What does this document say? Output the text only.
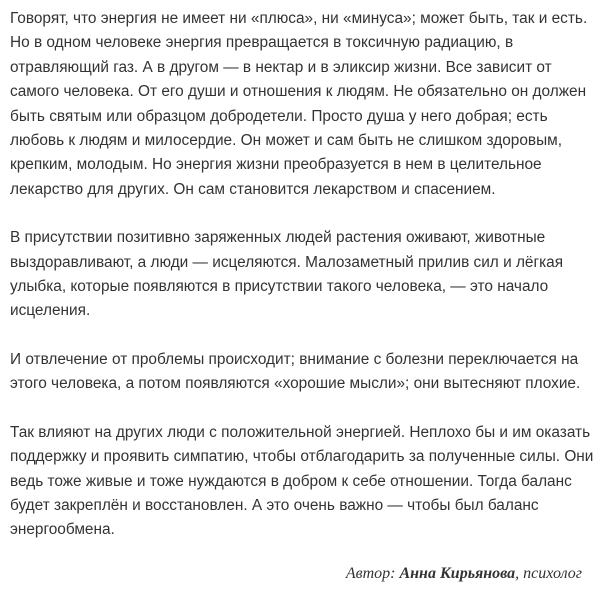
Говорят, что энергия не имеет ни «плюса», ни «минуса»; может быть, так и есть.
Но в одном человеке энергия превращается в токсичную радиацию, в
отравляющий газ. А в другом — в нектар и в эликсир жизни. Все зависит от
самого человека. От его души и отношения к людям. Не обязательно он должен
быть святым или образцом добродетели. Просто душа у него добрая; есть
любовь к людям и милосердие. Он может и сам быть не слишком здоровым,
крепким, молодым. Но энергия жизни преобразуется в нем в целительное
лекарство для других. Он сам становится лекарством и спасением.

В присутствии позитивно заряженных людей растения оживают, животные
выздоравливают, а люди — исцеляются. Малозаметный прилив сил и лёгкая
улыбка, которые появляются в присутствии такого человека, — это начало
исцеления.

И отвлечение от проблемы происходит; внимание с болезни переключается на
этого человека, а потом появляются «хорошие мысли»; они вытесняют плохие.

Так влияют на других люди с положительной энергией. Неплохо бы и им оказать
поддержку и проявить симпатию, чтобы отблагодарить за полученные силы. Они
ведь тоже живые и тоже нуждаются в добром к себе отношении. Тогда баланс
будет закреплён и восстановлен. А это очень важно — чтобы был баланс
энергообмена.

Автор: Анна Кирьянова, психолог
